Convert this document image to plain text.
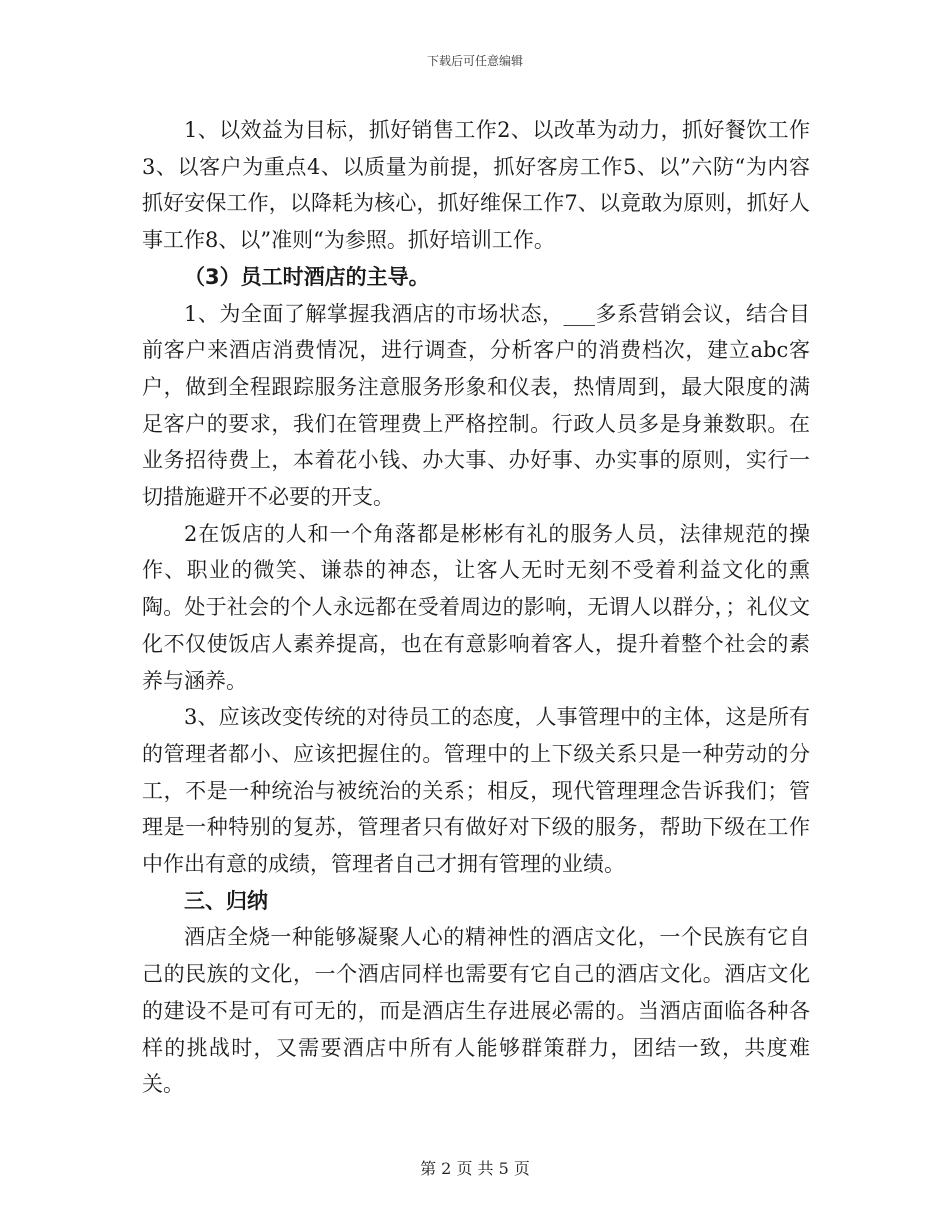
下载后可任意编辑

1、以效益为目标，抓好销售工作2、以改革为动力，抓好餐饮工作3、以客户为重点4、以质量为前提，抓好客房工作5、以”六防“为内容抓好安保工作，以降耗为核心，抓好维保工作7、以竟敢为原则，抓好人事工作8、以”准则“为参照。抓好培训工作。

（3）员工时酒店的主导。

1、为全面了解掌握我酒店的市场状态，___多系营销会议，结合目前客户来酒店消费情况，进行调查，分析客户的消费档次，建立abc客户，做到全程跟踪服务注意服务形象和仪表，热情周到，最大限度的满足客户的要求，我们在管理费上严格控制。行政人员多是身兼数职。在业务招待费上，本着花小钱、办大事、办好事、办实事的原则，实行一切措施避开不必要的开支。

2在饭店的人和一个角落都是彬彬有礼的服务人员，法律规范的操作、职业的微笑、谦恭的神态，让客人无时无刻不受着利益文化的熏陶。处于社会的个人永远都在受着周边的影响，无谓人以群分，；礼仪文化不仅使饭店人素养提高，也在有意影响着客人，提升着整个社会的素养与涵养。

3、应该改变传统的对待员工的态度，人事管理中的主体，这是所有的管理者都小、应该把握住的。管理中的上下级关系只是一种劳动的分工，不是一种统治与被统治的关系；相反，现代管理理念告诉我们；管理是一种特别的复苏，管理者只有做好对下级的服务，帮助下级在工作中作出有意的成绩，管理者自己才拥有管理的业绩。

三、归纳

酒店全烧一种能够凝聚人心的精神性的酒店文化，一个民族有它自己的民族的文化，一个酒店同样也需要有它自己的酒店文化。酒店文化的建设不是可有可无的，而是酒店生存进展必需的。当酒店面临各种各样的挑战时，又需要酒店中所有人能够群策群力，团结一致，共度难关。

第 2 页 共 5 页
